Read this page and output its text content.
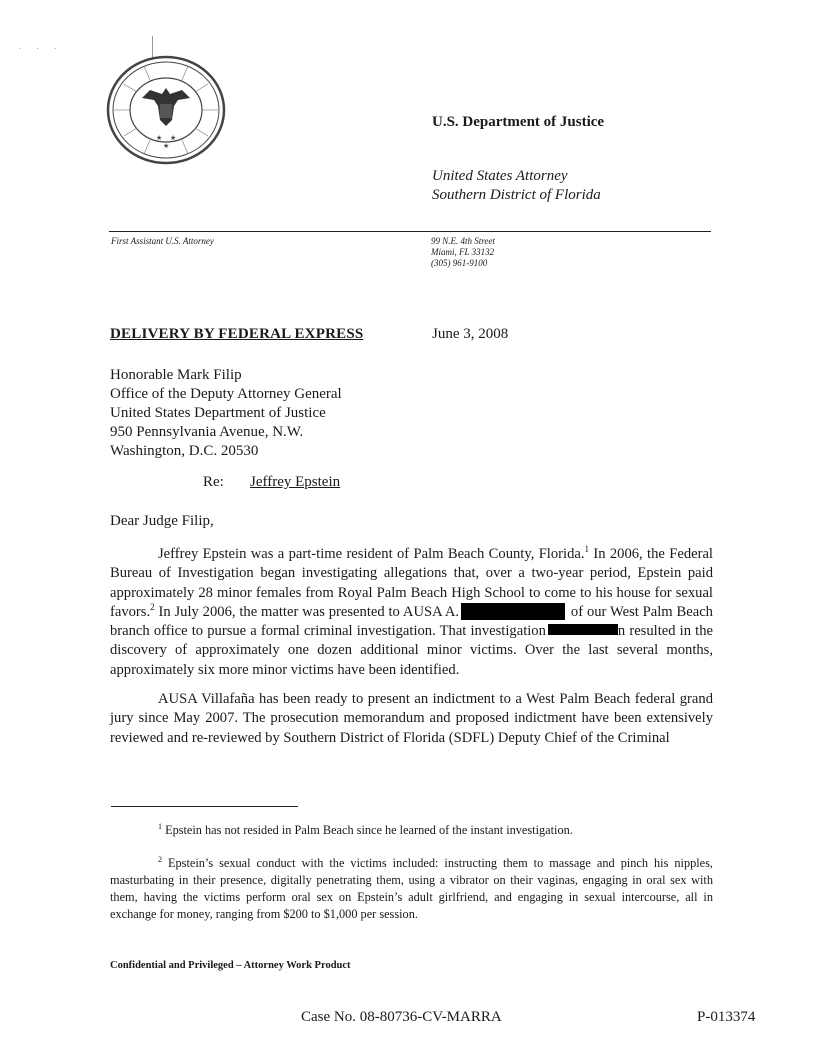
· · ·
★ ★
★
U.S. Department of Justice
United States Attorney
Southern District of Florida
First Assistant U.S. Attorney	99 N.E. 4th Street
Miami, FL 33132
(305) 961-9100
DELIVERY BY FEDERAL EXPRESS	June 3, 2008
Honorable Mark Filip
Office of the Deputy Attorney General
United States Department of Justice
950 Pennsylvania Avenue, N.W.
Washington, D.C. 20530
Re: Jeffrey Epstein
Dear Judge Filip,
Jeffrey Epstein was a part-time resident of Palm Beach County, Florida.$^1$ In 2006, the Federal Bureau of Investigation began investigating allegations that, over a two-year period, Epstein paid approximately 28 minor females from Royal Palm Beach High School to come to his house for sexual favors.$^2$ In July 2006, the matter was presented to AUSA A.	of our West Palm Beach branch office to pursue a formal criminal investigation. That investigation	n resulted in the discovery of approximately one dozen additional minor victims. Over the last several months, approximately six more minor victims have been identified.
AUSA Villafaña has been ready to present an indictment to a West Palm Beach federal grand jury since May 2007. The prosecution memorandum and proposed indictment have been extensively reviewed and re-reviewed by Southern District of Florida (SDFL) Deputy Chief of the Criminal
$^1$ Epstein has not resided in Palm Beach since he learned of the instant investigation.
$^2$ Epstein’s sexual conduct with the victims included: instructing them to massage and pinch his nipples, masturbating in their presence, digitally penetrating them, using a vibrator on their vaginas, engaging in oral sex with them, having the victims perform oral sex on Epstein’s adult girlfriend, and engaging in sexual intercourse, all in exchange for money, ranging from $200 to $1,000 per session.
Confidential and Privileged – Attorney Work Product
Case No. 08-80736-CV-MARRA	P-013374
